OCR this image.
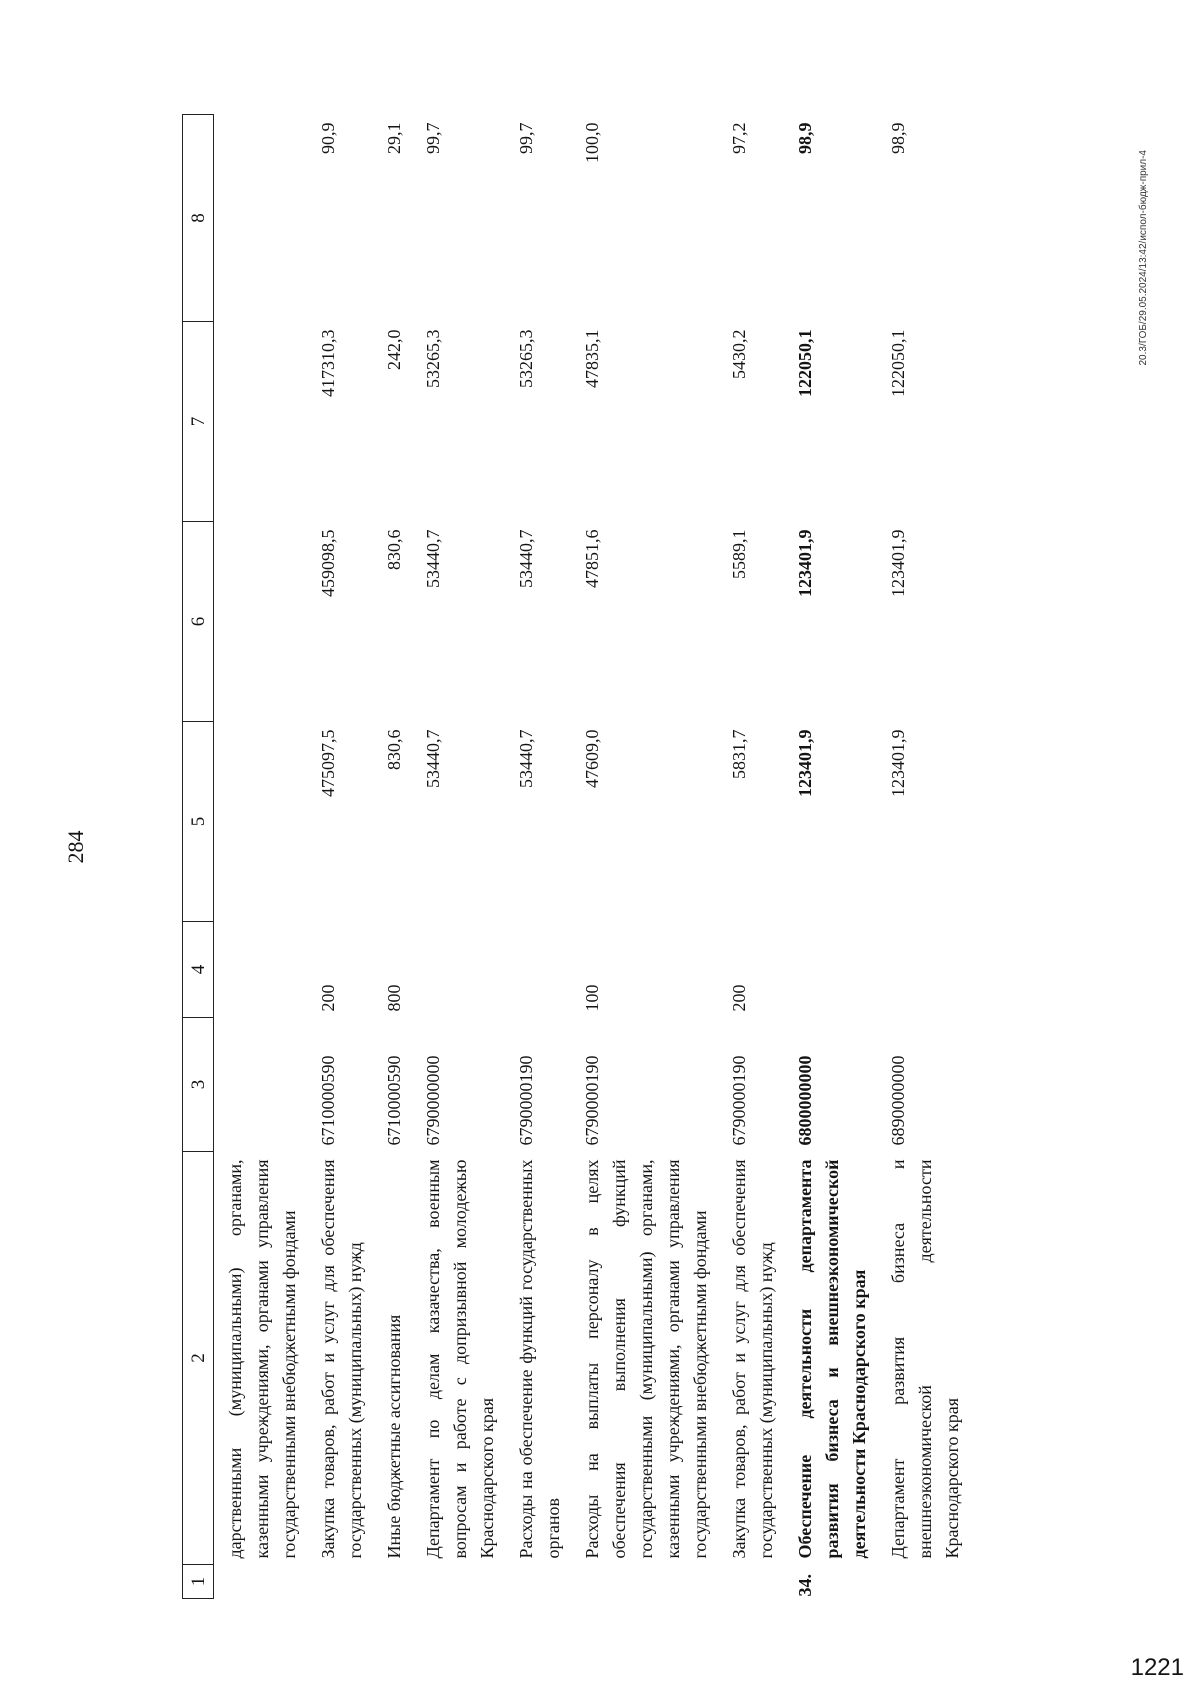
284
1	2	3	4	5	6	7	8
	дарственными (муниципальными) органами, казенными учреждениями, органами управления государственными внебюджетными фондами						
	Закупка товаров, работ и услуг для обеспечения государственных (муниципальных) нужд	6710000590	200	475097,5	459098,5	417310,3	90,9
	Иные бюджетные ассигнования	6710000590	800	830,6	830,6	242,0	29,1
	Департамент по делам казачества, военным вопросам и работе с допризывной молодежью Краснодарского края	6790000000		53440,7	53440,7	53265,3	99,7
	Расходы на обеспечение функций государственных органов	6790000190		53440,7	53440,7	53265,3	99,7
	Расходы на выплаты персоналу в целях обеспечения выполнения функций государственными (муниципальными) органами, казенными учреждениями, органами управления государственными внебюджетными фондами	6790000190	100	47609,0	47851,6	47835,1	100,0
	Закупка товаров, работ и услуг для обеспечения государственных (муниципальных) нужд	6790000190	200	5831,7	5589,1	5430,2	97,2
34.	Обеспечение деятельности департамента развития бизнеса и внешнеэкономической деятельности Краснодарского края	6800000000		123401,9	123401,9	122050,1	98,9
	Департамент развития бизнеса и внешнеэкономической деятельности Краснодарского края	6890000000		123401,9	123401,9	122050,1	98,9
20.3/ГОБ/29.05.2024/13:42/испол-бюдж-прил-4
1221
